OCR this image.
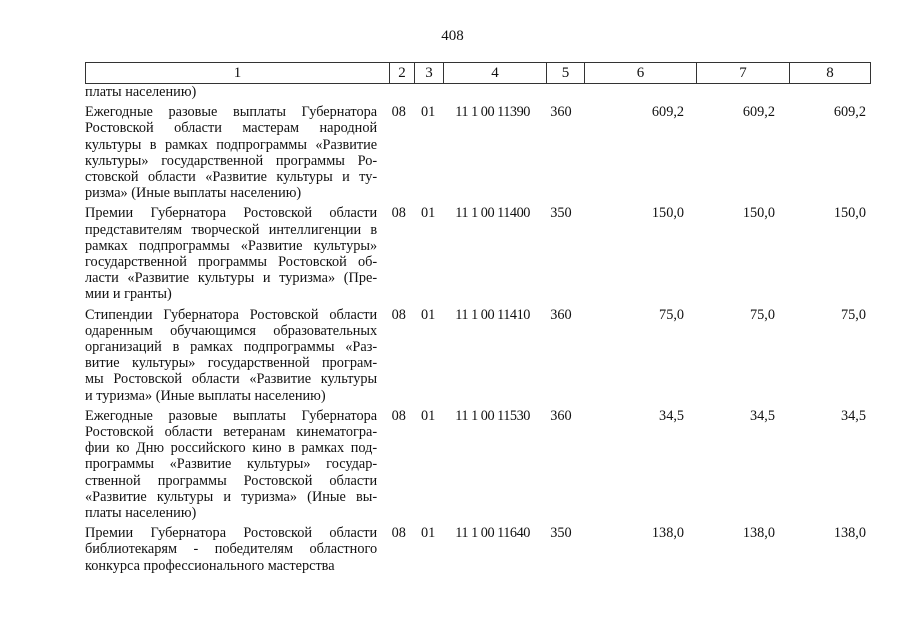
408
1	2	3	4	5	6	7	8
платы населению)
Ежегодные разовые выплаты Губернатора
Ростовской области мастерам народной
культуры в рамках подпрограммы «Развитие
культуры» государственной программы Ро-
стовской области «Развитие культуры и ту-
ризма» (Иные выплаты населению)
08	01	11 1 00 11390	360	609,2	609,2	609,2
Премии Губернатора Ростовской области
представителям творческой интеллигенции в
рамках подпрограммы «Развитие культуры»
государственной программы Ростовской об-
ласти «Развитие культуры и туризма» (Пре-
мии и гранты)
08	01	11 1 00 11400	350	150,0	150,0	150,0
Стипендии Губернатора Ростовской области
одаренным обучающимся образовательных
организаций в рамках подпрограммы «Раз-
витие культуры» государственной програм-
мы Ростовской области «Развитие культуры
и туризма» (Иные выплаты населению)
08	01	11 1 00 11410	360	75,0	75,0	75,0
Ежегодные разовые выплаты Губернатора
Ростовской области ветеранам кинематогра-
фии ко Дню российского кино в рамках под-
программы «Развитие культуры» государ-
ственной программы Ростовской области
«Развитие культуры и туризма» (Иные вы-
платы населению)
08	01	11 1 00 11530	360	34,5	34,5	34,5
Премии Губернатора Ростовской области
библиотекарям - победителям областного
конкурса профессионального мастерства
08	01	11 1 00 11640	350	138,0	138,0	138,0
